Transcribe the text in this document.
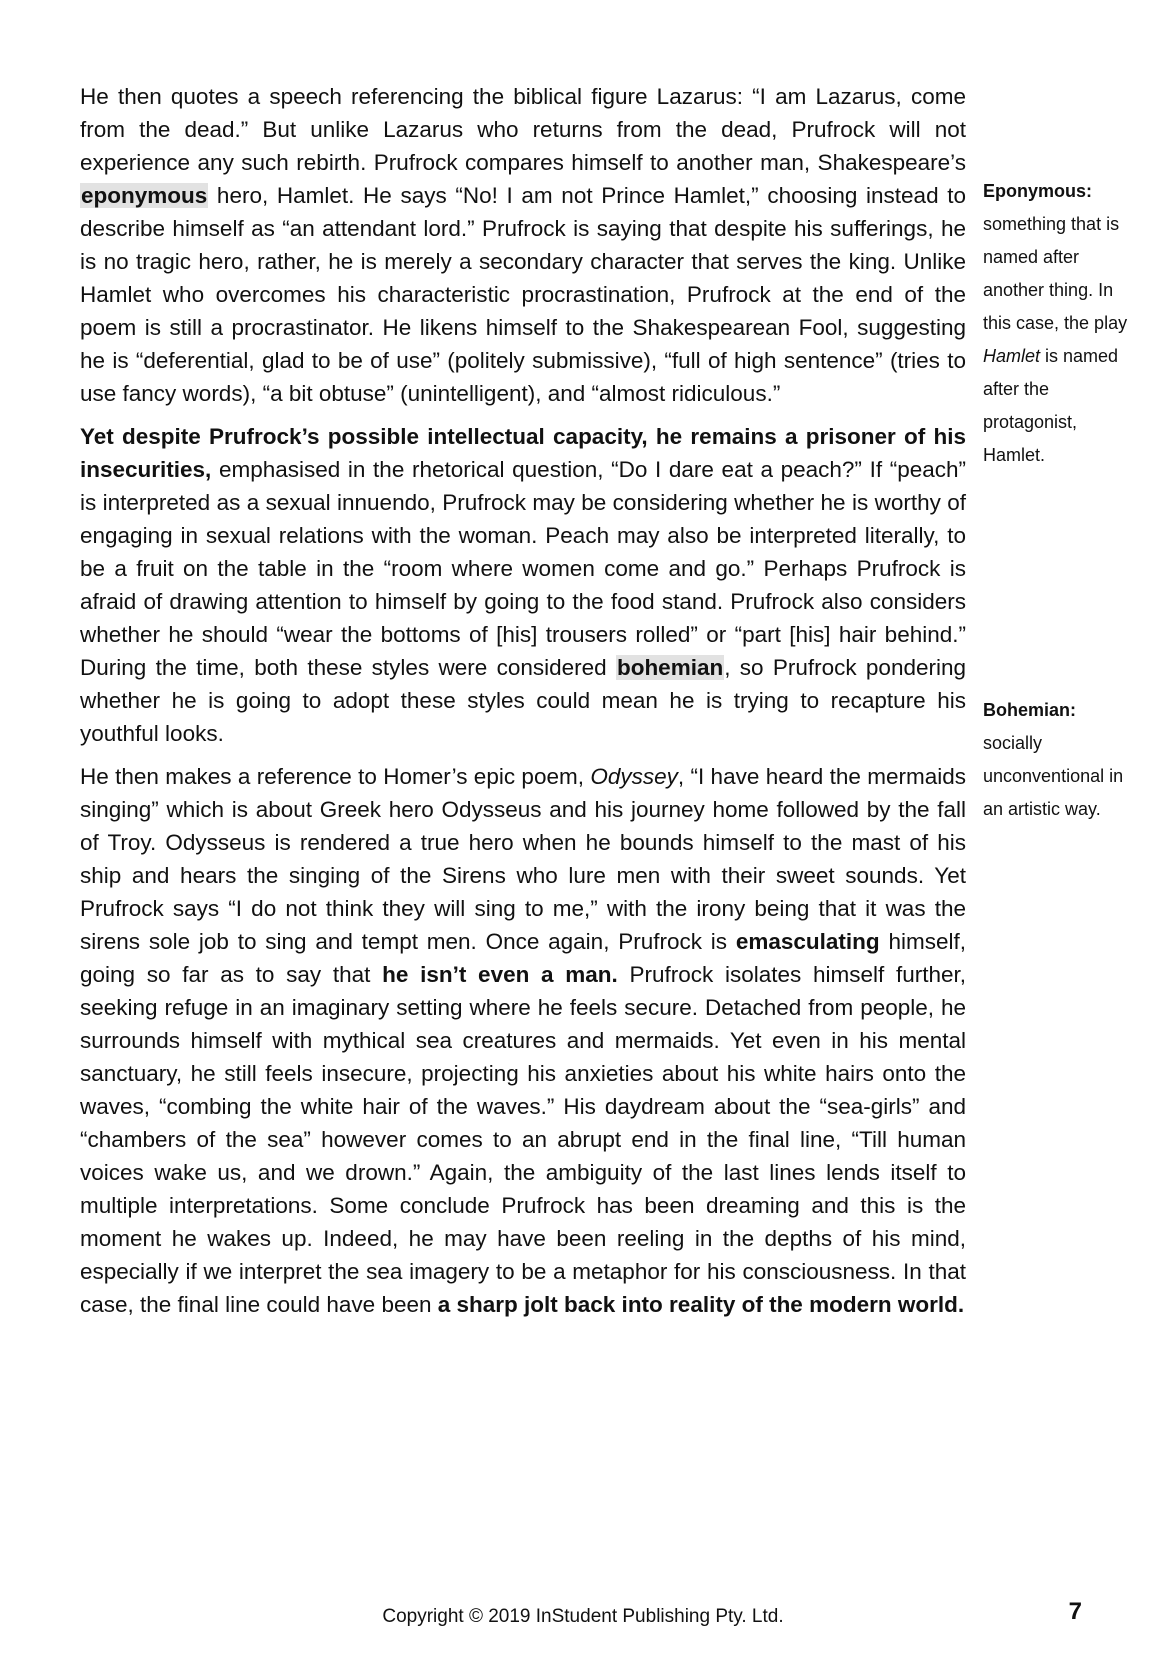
He then quotes a speech referencing the biblical figure Lazarus: “I am Lazarus, come from the dead.” But unlike Lazarus who returns from the dead, Prufrock will not experience any such rebirth. Prufrock compares himself to another man, Shakespeare’s eponymous hero, Hamlet. He says “No! I am not Prince Hamlet,” choosing instead to describe himself as “an attendant lord.” Prufrock is saying that despite his sufferings, he is no tragic hero, rather, he is merely a secondary character that serves the king. Unlike Hamlet who overcomes his characteristic procrastination, Prufrock at the end of the poem is still a procrastinator. He likens himself to the Shakespearean Fool, suggesting he is “deferential, glad to be of use” (politely submissive), “full of high sentence” (tries to use fancy words), “a bit obtuse” (unintelligent), and “almost ridiculous.”

Yet despite Prufrock’s possible intellectual capacity, he remains a prisoner of his insecurities, emphasised in the rhetorical question, “Do I dare eat a peach?” If “peach” is interpreted as a sexual innuendo, Prufrock may be considering whether he is worthy of engaging in sexual relations with the woman. Peach may also be interpreted literally, to be a fruit on the table in the “room where women come and go.” Perhaps Prufrock is afraid of drawing attention to himself by going to the food stand. Prufrock also considers whether he should “wear the bottoms of [his] trousers rolled” or “part [his] hair behind.” During the time, both these styles were considered bohemian, so Prufrock pondering whether he is going to adopt these styles could mean he is trying to recapture his youthful looks.

He then makes a reference to Homer’s epic poem, Odyssey, “I have heard the mermaids singing” which is about Greek hero Odysseus and his journey home followed by the fall of Troy. Odysseus is rendered a true hero when he bounds himself to the mast of his ship and hears the singing of the Sirens who lure men with their sweet sounds. Yet Prufrock says “I do not think they will sing to me,” with the irony being that it was the sirens sole job to sing and tempt men. Once again, Prufrock is emasculating himself, going so far as to say that he isn’t even a man. Prufrock isolates himself further, seeking refuge in an imaginary setting where he feels secure. Detached from people, he surrounds himself with mythical sea creatures and mermaids. Yet even in his mental sanctuary, he still feels insecure, projecting his anxieties about his white hairs onto the waves, “combing the white hair of the waves.” His daydream about the “sea-girls” and “chambers of the sea” however comes to an abrupt end in the final line, “Till human voices wake us, and we drown.” Again, the ambiguity of the last lines lends itself to multiple interpretations. Some conclude Prufrock has been dreaming and this is the moment he wakes up. Indeed, he may have been reeling in the depths of his mind, especially if we interpret the sea imagery to be a metaphor for his consciousness. In that case, the final line could have been a sharp jolt back into reality of the modern world.

Eponymous:
something that is named after another thing. In this case, the play Hamlet is named after the protagonist, Hamlet.
Bohemian:
socially unconventional in an artistic way.
Copyright © 2019 InStudent Publishing Pty. Ltd.	7
